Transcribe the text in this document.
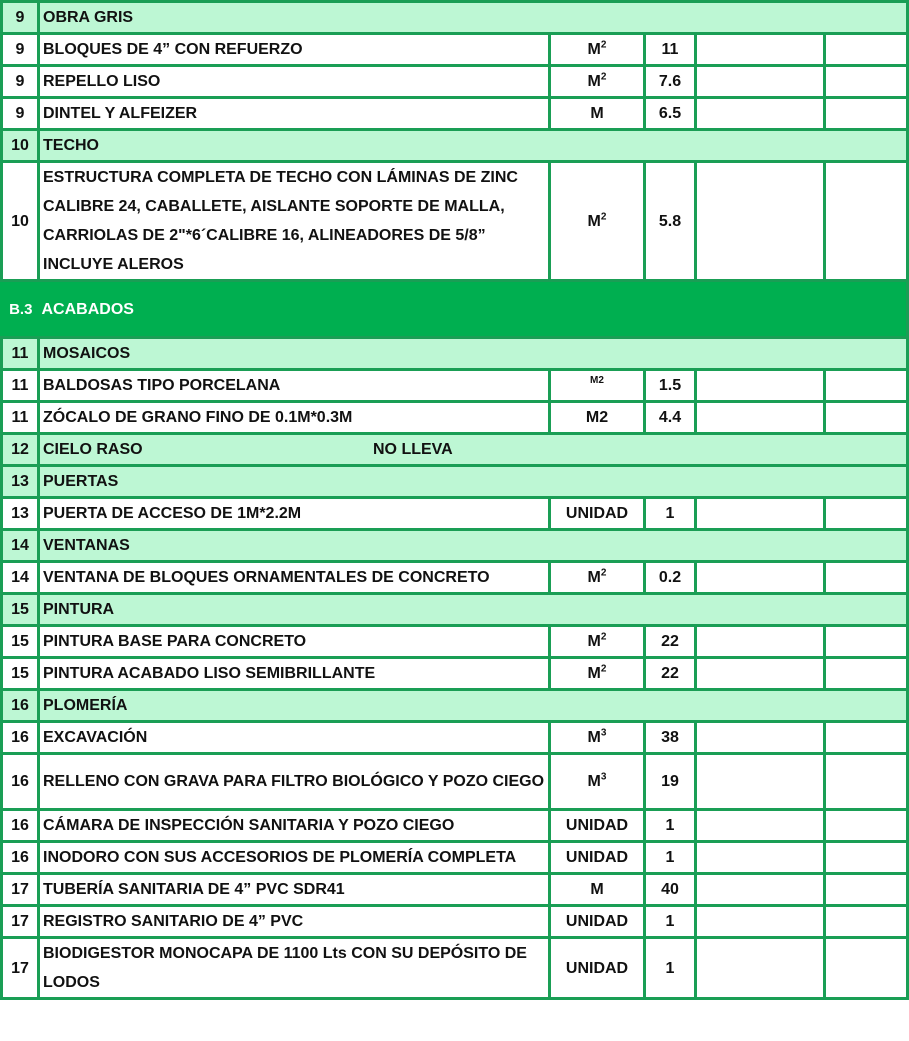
9	OBRA GRIS				
9	BLOQUES DE 4” CON REFUERZO	$M^2$	11		
9	REPELLO LISO	$M^2$	7.6		
9	DINTEL Y ALFEIZER	M	6.5		
10	TECHO				
10	ESTRUCTURA COMPLETA DE TECHO CON LÁMINAS DE ZINC CALIBRE 24, CABALLETE, AISLANTE SOPORTE DE MALLA, CARRIOLAS DE 2"*6´CALIBRE 16, ALINEADORES DE 5/8” INCLUYE ALEROS	$M^2$	5.8		
B.3	ACABADOS				
11	MOSAICOS				
11	BALDOSAS TIPO PORCELANA	$^{M2}$	1.5		
11	ZÓCALO DE GRANO FINO DE 0.1M*0.3M	M2	4.4		
12	CIELO RASO NO LLEVA				

13	PUERTAS				
13	PUERTA DE ACCESO DE 1M*2.2M	UNIDAD	1		
14	VENTANAS				
14	VENTANA DE BLOQUES ORNAMENTALES DE CONCRETO	$M^2$	0.2		
15	PINTURA				
15	PINTURA BASE PARA CONCRETO	$M^2$	22		
15	PINTURA ACABADO LISO SEMIBRILLANTE	$M^2$	22		
16	PLOMERÍA				
16	EXCAVACIÓN	$M^3$	38		
16	RELLENO CON GRAVA PARA FILTRO BIOLÓGICO Y POZO CIEGO	$M^3$	19		
16	CÁMARA DE INSPECCIÓN SANITARIA Y POZO CIEGO	UNIDAD	1		
16	INODORO CON SUS ACCESORIOS DE PLOMERÍA COMPLETA	UNIDAD	1		
17	TUBERÍA SANITARIA DE 4” PVC SDR41	M	40		
17	REGISTRO SANITARIO DE 4” PVC	UNIDAD	1		
17	BIODIGESTOR MONOCAPA DE 1100 Lts CON SU DEPÓSITO DE LODOS	UNIDAD	1		
